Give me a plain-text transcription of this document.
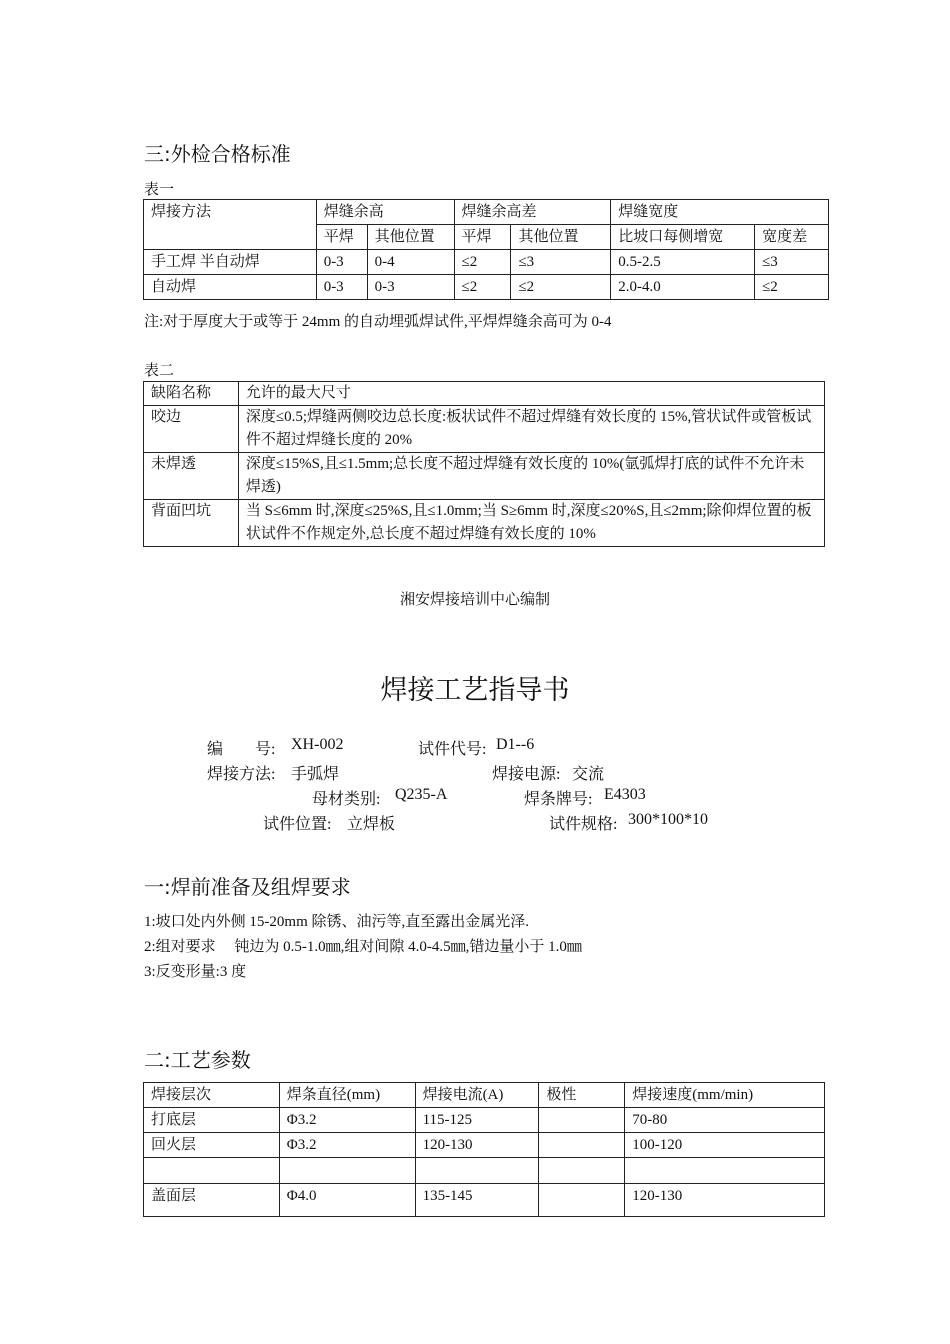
三:外检合格标准
表一
焊接方法	焊缝余高		焊缝余高差		焊缝宽度	
	平焊	其他位置	平焊	其他位置	比坡口每侧增宽	宽度差
手工焊 半自动焊	0-3	0-4	≤2	≤3	0.5-2.5	≤3
自动焊	0-3	0-3	≤2	≤2	2.0-4.0	≤2
注:对于厚度大于或等于 24mm 的自动埋弧焊试件,平焊焊缝余高可为 0-4
表二
缺陷名称	允许的最大尺寸
咬边	深度≤0.5;焊缝两侧咬边总长度:板状试件不超过焊缝有效长度的 15%,管状试件或管板试件不超过焊缝长度的 20%
未焊透	深度≤15%S,且≤1.5mm;总长度不超过焊缝有效长度的 10%(氩弧焊打底的试件不允许未焊透)
背面凹坑	当 S≤6mm 时,深度≤25%S,且≤1.0mm;当 S≥6mm 时,深度≤20%S,且≤2mm;除仰焊位置的板状试件不作规定外,总长度不超过焊缝有效长度的 10%
湘安焊接培训中心编制
焊接工艺指导书
编        号: XH-002	试件代号: D1--6
焊接方法: 手弧焊	焊接电源: 交流
母材类别: Q235-A	焊条牌号: E4303
试件位置: 立焊板	试件规格: 300*100*10
一:焊前准备及组焊要求
1:坡口处内外侧 15-20mm 除锈、油污等,直至露出金属光泽.
2:组对要求     钝边为 0.5-1.0㎜,组对间隙 4.0-4.5㎜,错边量小于 1.0㎜
3:反变形量:3 度
二:工艺参数
焊接层次	焊条直径(mm)	焊接电流(A)	极性	焊接速度(mm/min)
打底层	Φ3.2	115-125		70-80
回火层	Φ3.2	120-130		100-120

盖面层	Φ4.0	135-145		120-130
